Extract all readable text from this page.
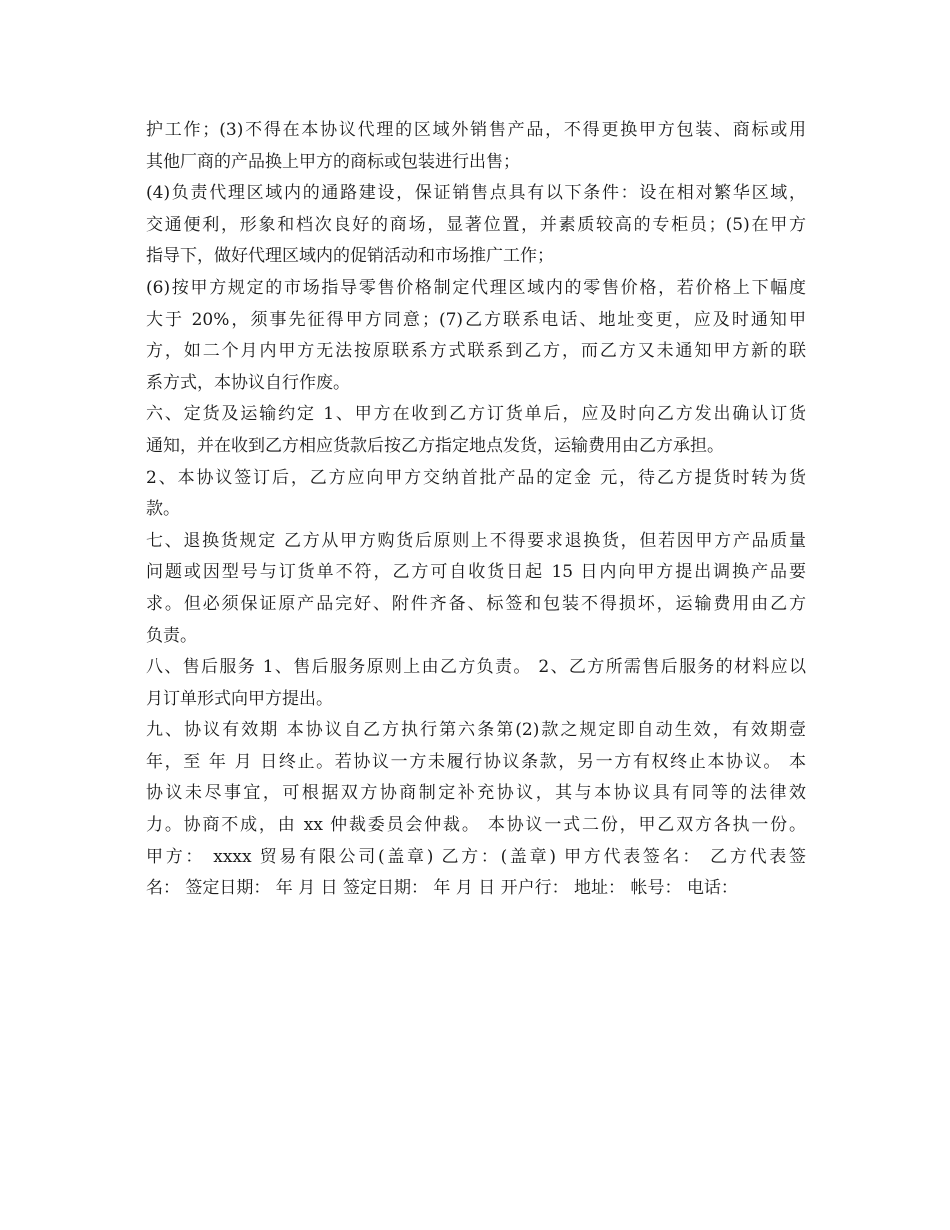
护工作；(3)不得在本协议代理的区域外销售产品，不得更换甲方包装、商标或用
其他厂商的产品换上甲方的商标或包装进行出售；
(4)负责代理区域内的通路建设，保证销售点具有以下条件：设在相对繁华区域，
交通便利，形象和档次良好的商场，显著位置，并素质较高的专柜员；(5)在甲方
指导下，做好代理区域内的促销活动和市场推广工作；
(6)按甲方规定的市场指导零售价格制定代理区域内的零售价格，若价格上下幅度
大于 20%，须事先征得甲方同意；(7)乙方联系电话、地址变更，应及时通知甲
方，如二个月内甲方无法按原联系方式联系到乙方，而乙方又未通知甲方新的联
系方式，本协议自行作废。
六、定货及运输约定 1、甲方在收到乙方订货单后，应及时向乙方发出确认订货
通知，并在收到乙方相应货款后按乙方指定地点发货，运输费用由乙方承担。
2、本协议签订后，乙方应向甲方交纳首批产品的定金 元，待乙方提货时转为货
款。
七、退换货规定 乙方从甲方购货后原则上不得要求退换货，但若因甲方产品质量
问题或因型号与订货单不符，乙方可自收货日起 15 日内向甲方提出调换产品要
求。但必须保证原产品完好、附件齐备、标签和包装不得损坏，运输费用由乙方
负责。
八、售后服务 1、售后服务原则上由乙方负责。 2、乙方所需售后服务的材料应以
月订单形式向甲方提出。
九、协议有效期 本协议自乙方执行第六条第(2)款之规定即自动生效，有效期壹
年，至 年 月 日终止。若协议一方未履行协议条款，另一方有权终止本协议。 本
协议未尽事宜，可根据双方协商制定补充协议，其与本协议具有同等的法律效
力。协商不成，由 xx 仲裁委员会仲裁。 本协议一式二份，甲乙双方各执一份。
甲方： xxxx 贸易有限公司(盖章) 乙方：(盖章) 甲方代表签名： 乙方代表签
名： 签定日期： 年 月 日 签定日期： 年 月 日 开户行： 地址： 帐号： 电话：
